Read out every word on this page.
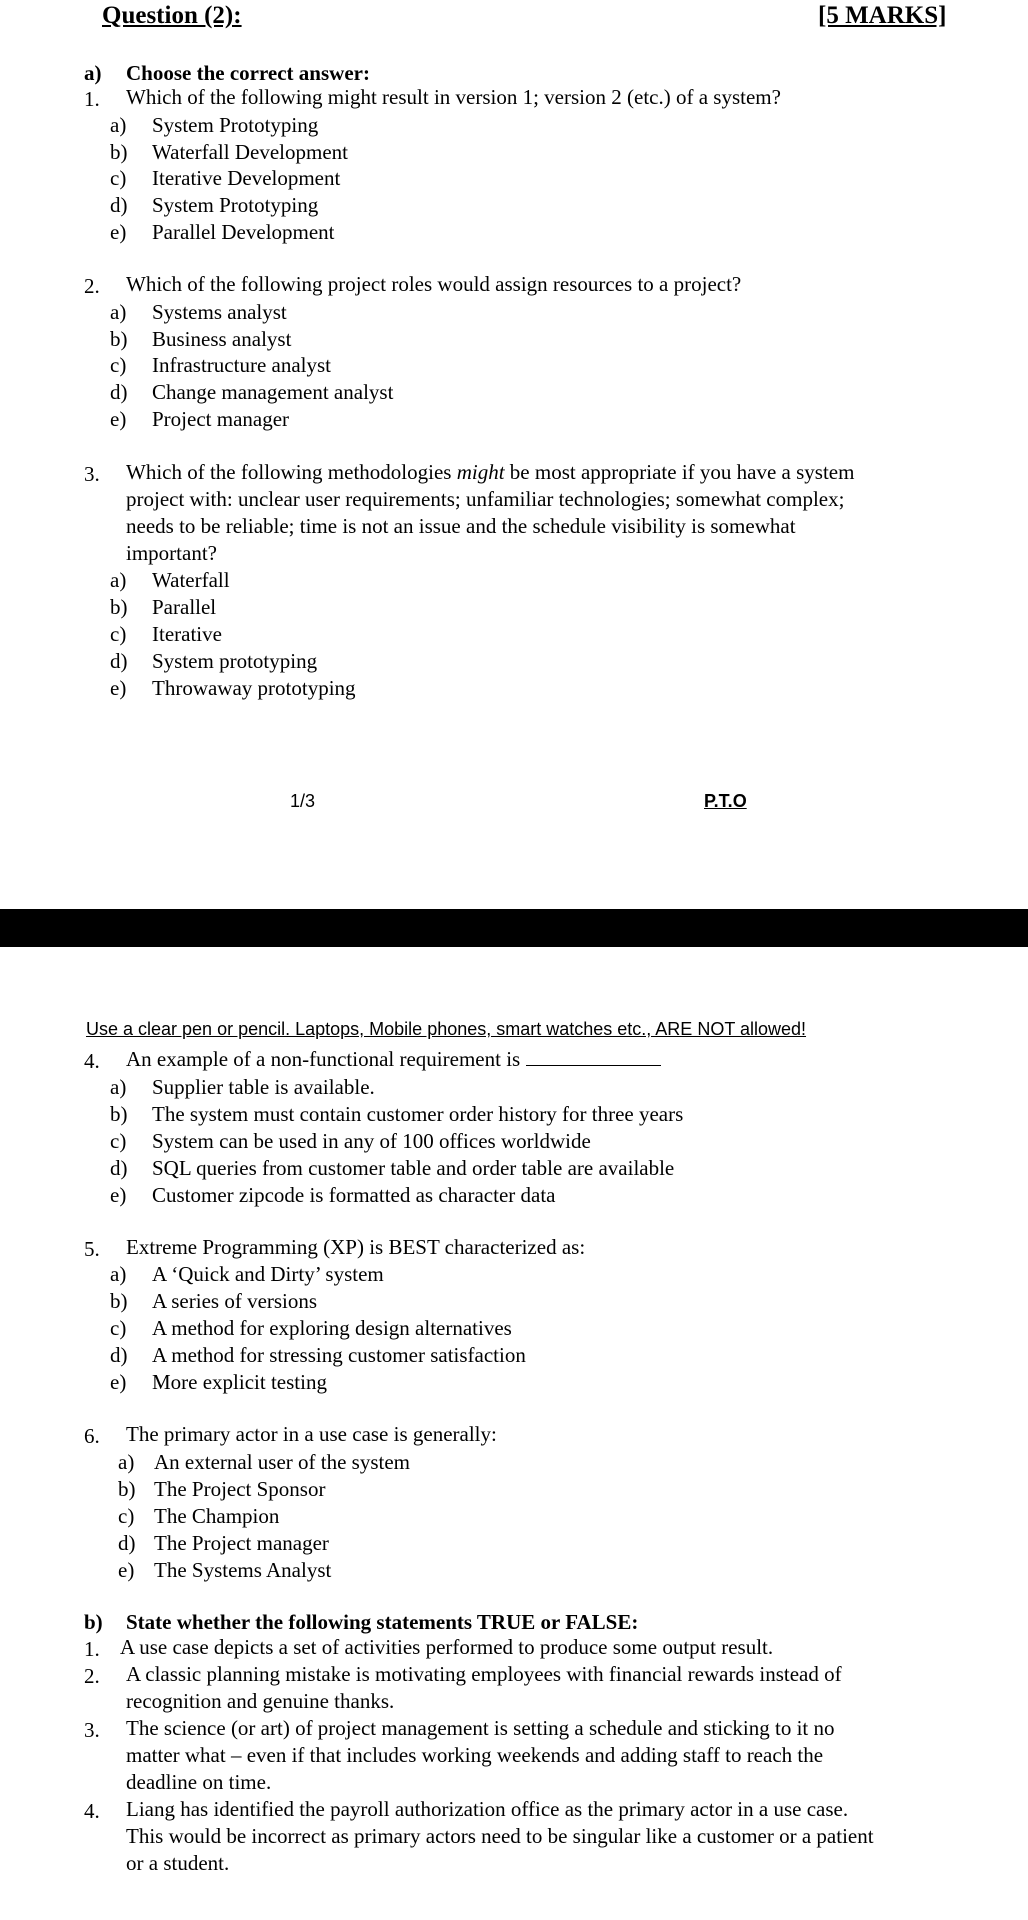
Question (2):	[5 MARKS]
a) Choose the correct answer:
1. Which of the following might result in version 1; version 2 (etc.) of a system?
a) System Prototyping
b) Waterfall Development
c) Iterative Development
d) System Prototyping
e) Parallel Development
2. Which of the following project roles would assign resources to a project?
a) Systems analyst
b) Business analyst
c) Infrastructure analyst
d) Change management analyst
e) Project manager
3. Which of the following methodologies might be most appropriate if you have a system
project with: unclear user requirements; unfamiliar technologies; somewhat complex;
needs to be reliable; time is not an issue and the schedule visibility is somewhat
important?
a) Waterfall
b) Parallel
c) Iterative
d) System prototyping
e) Throwaway prototyping
1/3	P.T.O
Use a clear pen or pencil. Laptops, Mobile phones, smart watches etc., ARE NOT allowed!
4. An example of a non-functional requirement is
a) Supplier table is available.
b) The system must contain customer order history for three years
c) System can be used in any of 100 offices worldwide
d) SQL queries from customer table and order table are available
e) Customer zipcode is formatted as character data
5. Extreme Programming (XP) is BEST characterized as:
a) A ‘Quick and Dirty’ system
b) A series of versions
c) A method for exploring design alternatives
d) A method for stressing customer satisfaction
e) More explicit testing
6. The primary actor in a use case is generally:
a) An external user of the system
b) The Project Sponsor
c) The Champion
d) The Project manager
e) The Systems Analyst
b) State whether the following statements TRUE or FALSE:
1. A use case depicts a set of activities performed to produce some output result.
2. A classic planning mistake is motivating employees with financial rewards instead of
recognition and genuine thanks.
3. The science (or art) of project management is setting a schedule and sticking to it no
matter what – even if that includes working weekends and adding staff to reach the
deadline on time.
4. Liang has identified the payroll authorization office as the primary actor in a use case.
This would be incorrect as primary actors need to be singular like a customer or a patient
or a student.
